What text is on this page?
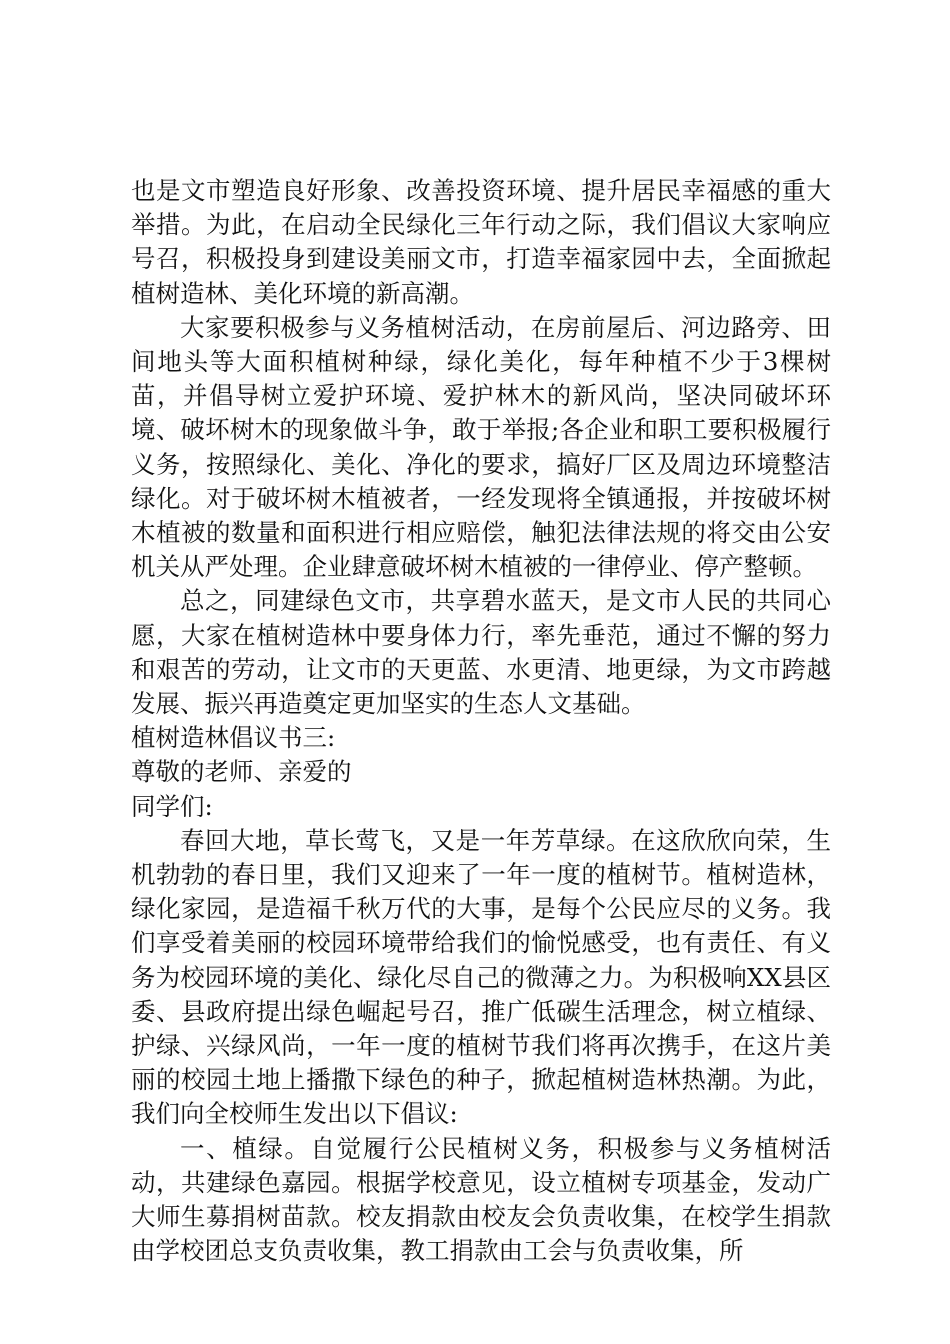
也是文市塑造良好形象、改善投资环境、提升居民幸福感的重大举措。为此，在启动全民绿化三年行动之际，我们倡议大家响应号召，积极投身到建设美丽文市，打造幸福家园中去，全面掀起植树造林、美化环境的新高潮。

大家要积极参与义务植树活动，在房前屋后、河边路旁、田间地头等大面积植树种绿，绿化美化，每年种植不少于3棵树苗，并倡导树立爱护环境、爱护林木的新风尚，坚决同破坏环境、破坏树木的现象做斗争，敢于举报;各企业和职工要积极履行义务，按照绿化、美化、净化的要求，搞好厂区及周边环境整洁绿化。对于破坏树木植被者，一经发现将全镇通报，并按破坏树木植被的数量和面积进行相应赔偿，触犯法律法规的将交由公安机关从严处理。企业肆意破坏树木植被的一律停业、停产整顿。

总之，同建绿色文市，共享碧水蓝天，是文市人民的共同心愿，大家在植树造林中要身体力行，率先垂范，通过不懈的努力和艰苦的劳动，让文市的天更蓝、水更清、地更绿，为文市跨越发展、振兴再造奠定更加坚实的生态人文基础。

植树造林倡议书三:

尊敬的老师、亲爱的

同学们:

春回大地，草长莺飞，又是一年芳草绿。在这欣欣向荣，生机勃勃的春日里，我们又迎来了一年一度的植树节。植树造林，绿化家园，是造福千秋万代的大事，是每个公民应尽的义务。我们享受着美丽的校园环境带给我们的愉悦感受，也有责任、有义务为校园环境的美化、绿化尽自己的微薄之力。为积极响XX县区委、县政府提出绿色崛起号召，推广低碳生活理念，树立植绿、护绿、兴绿风尚，一年一度的植树节我们将再次携手，在这片美丽的校园土地上播撒下绿色的种子，掀起植树造林热潮。为此，我们向全校师生发出以下倡议:

一、植绿。自觉履行公民植树义务，积极参与义务植树活动，共建绿色嘉园。根据学校意见，设立植树专项基金，发动广大师生募捐树苗款。校友捐款由校友会负责收集，在校学生捐款由学校团总支负责收集，教工捐款由工会与负责收集，所
